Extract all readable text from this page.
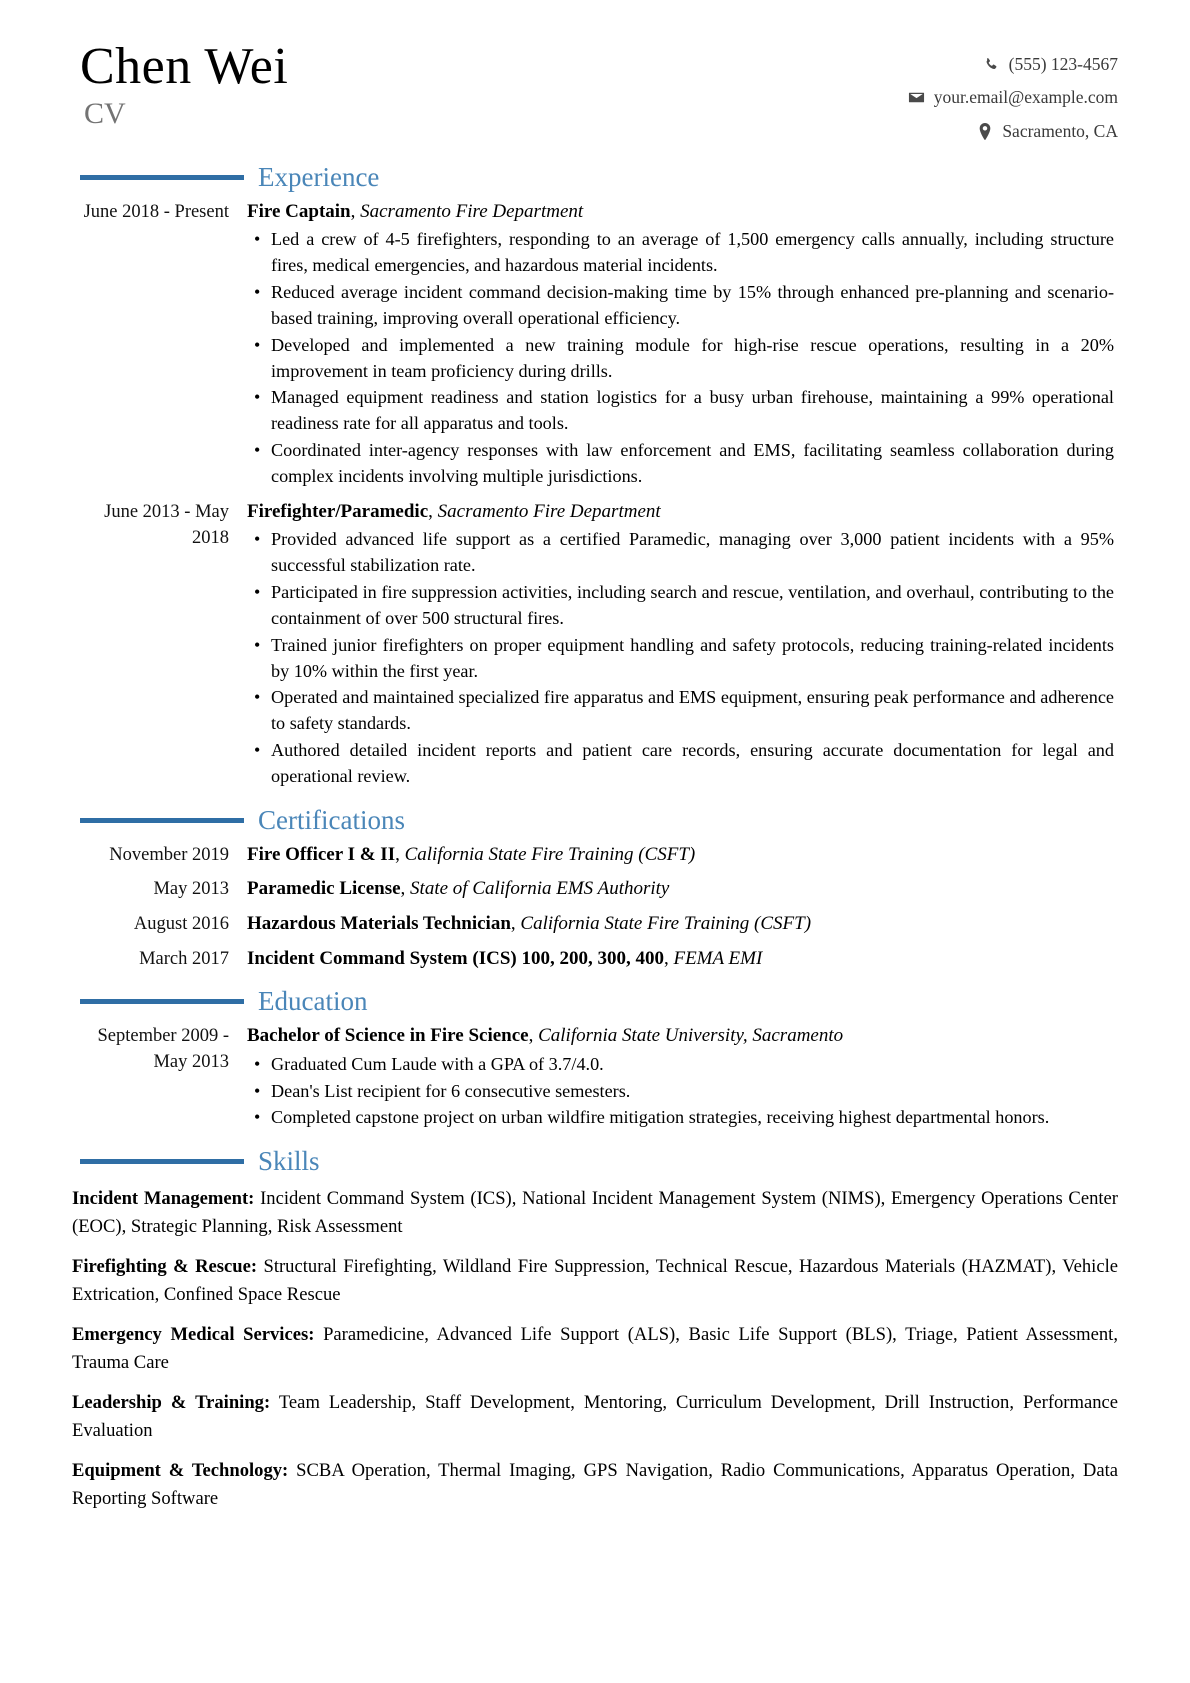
Chen Wei
CV
(555) 123-4567
your.email@example.com
Sacramento, CA
Experience
June 2018 - Present Fire Captain, Sacramento Fire Department
• Led a crew of 4-5 firefighters, responding to an average of 1,500 emergency calls annually, including structure fires, medical emergencies, and hazardous material incidents.
• Reduced average incident command decision-making time by 15% through enhanced pre-planning and scenario-based training, improving overall operational efficiency.
• Developed and implemented a new training module for high-rise rescue operations, resulting in a 20% improvement in team proficiency during drills.
• Managed equipment readiness and station logistics for a busy urban firehouse, maintaining a 99% operational readiness rate for all apparatus and tools.
• Coordinated inter-agency responses with law enforcement and EMS, facilitating seamless collaboration during complex incidents involving multiple jurisdictions.
June 2013 - May 2018
Firefighter/Paramedic, Sacramento Fire Department
• Provided advanced life support as a certified Paramedic, managing over 3,000 patient incidents with a 95% successful stabilization rate.
• Participated in fire suppression activities, including search and rescue, ventilation, and overhaul, contributing to the containment of over 500 structural fires.
• Trained junior firefighters on proper equipment handling and safety protocols, reducing training-related incidents by 10% within the first year.
• Operated and maintained specialized fire apparatus and EMS equipment, ensuring peak performance and adherence to safety standards.
• Authored detailed incident reports and patient care records, ensuring accurate documentation for legal and operational review.
Certifications
November 2019 Fire Officer I & II, California State Fire Training (CSFT)
May 2013 Paramedic License, State of California EMS Authority
August 2016 Hazardous Materials Technician, California State Fire Training (CSFT)
March 2017 Incident Command System (ICS) 100, 200, 300, 400, FEMA EMI
Education
September 2009 - May 2013
Bachelor of Science in Fire Science, California State University, Sacramento
• Graduated Cum Laude with a GPA of 3.7/4.0.
• Dean's List recipient for 6 consecutive semesters.
• Completed capstone project on urban wildfire mitigation strategies, receiving highest departmental honors.
Skills
Incident Management: Incident Command System (ICS), National Incident Management System (NIMS), Emergency Operations Center (EOC), Strategic Planning, Risk Assessment
Firefighting & Rescue: Structural Firefighting, Wildland Fire Suppression, Technical Rescue, Hazardous Materials (HAZMAT), Vehicle Extrication, Confined Space Rescue
Emergency Medical Services: Paramedicine, Advanced Life Support (ALS), Basic Life Support (BLS), Triage, Patient Assessment, Trauma Care
Leadership & Training: Team Leadership, Staff Development, Mentoring, Curriculum Development, Drill Instruction, Performance Evaluation
Equipment & Technology: SCBA Operation, Thermal Imaging, GPS Navigation, Radio Communications, Apparatus Operation, Data Reporting Software
